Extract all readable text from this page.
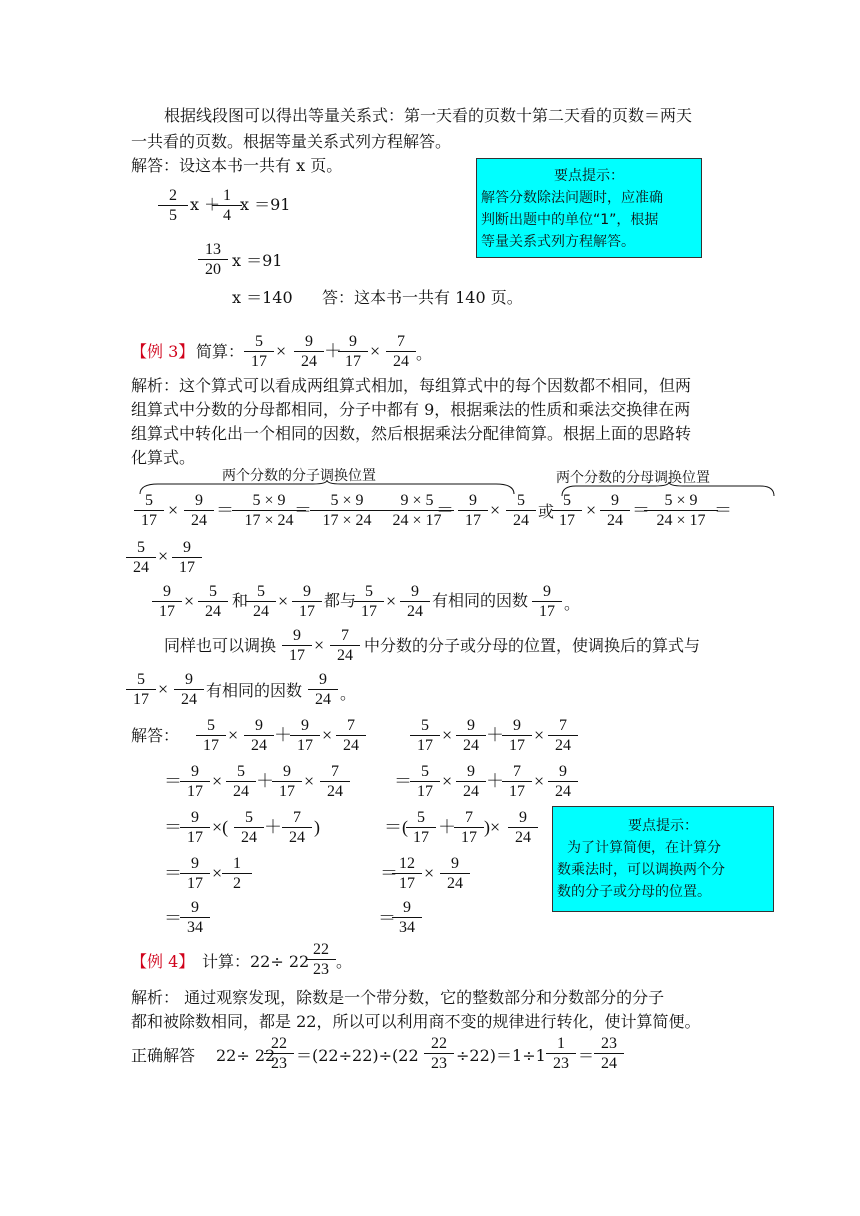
根据线段图可以得出等量关系式：第一天看的页数十第二天看的页数＝两天
一共看的页数。根据等量关系式列方程解答。
解答：设这本书一共有 x 页。
2
5
x ＋ 1
4
x ＝91
13
20 x ＝91
x ＝140 答：这本书一共有 140 页。
要点提示：
解答分数除法问题时，应准确
判断出题中的单位“1”，根据
等量关系式列方程解答。
【例 3】 简算：
5
17
×	9
24
＋ 9
17
×	7
24 。
解析：这个算式可以看成两组算式相加，每组算式中的每个因数都不相同，但两
组算式中分数的分母都相同，分子中都有 9，根据乘法的性质和乘法交换律在两
组算式中转化出一个相同的因数，然后根据乘法分配律简算。根据上面的思路转
化算式。
两个分数的分子调换位置	两个分数的分母调换位置
5
17
×	9
24
＝	5 × 9
17 × 24
＝	5 × 9
17 × 24
9 × 5
24 × 17
＝ 9
17
×	5
24 或
5
17
× 9
24
＝ 5 × 9
24 × 17
＝
5
24
× 9
17
9
17
× 5
24
和 5
24
× 9
17
都与 5
17
× 9
24
有相同的因数 9
17 。
同样也可以调换
9
17
×	7
24
中分数的分子或分母的位置，使调换后的算式与
5
17
×	9
24 有相同的因数
9
24 。
解答：
5
17
×	9
24
＋ 9
17
× 7
24
＝ 9
17
× 5
24
＋ 9
17
×	7
24
＝ 9
17
×(	5
24
＋ 7
24
)
＝ 9
17
× 1
2
＝
9
34
5
17
× 9
24
＋ 9
17
× 7
24
＝ 5
17
× 9
24
＋ 7
17
× 9
24
＝( 5
17
＋ 7
17
)×	9
24
＝ 12
17
×	9
24
＝
9
34
要点提示：
为了计算简便，在计算分
数乘法时，可以调换两个分
数的分子或分母的位置。
【例 4】 计算：22÷ 22
22
23 。
解析： 通过观察发现，除数是一个带分数，它的整数部分和分数部分的分子
都和被除数相同，都是 22，所以可以利用商不变的规律进行转化，使计算简便。
正确解答 22÷ 22
22
23 ＝(22÷22)÷(22
22
23 ÷22)＝1÷1
1
23 ＝
23
24
